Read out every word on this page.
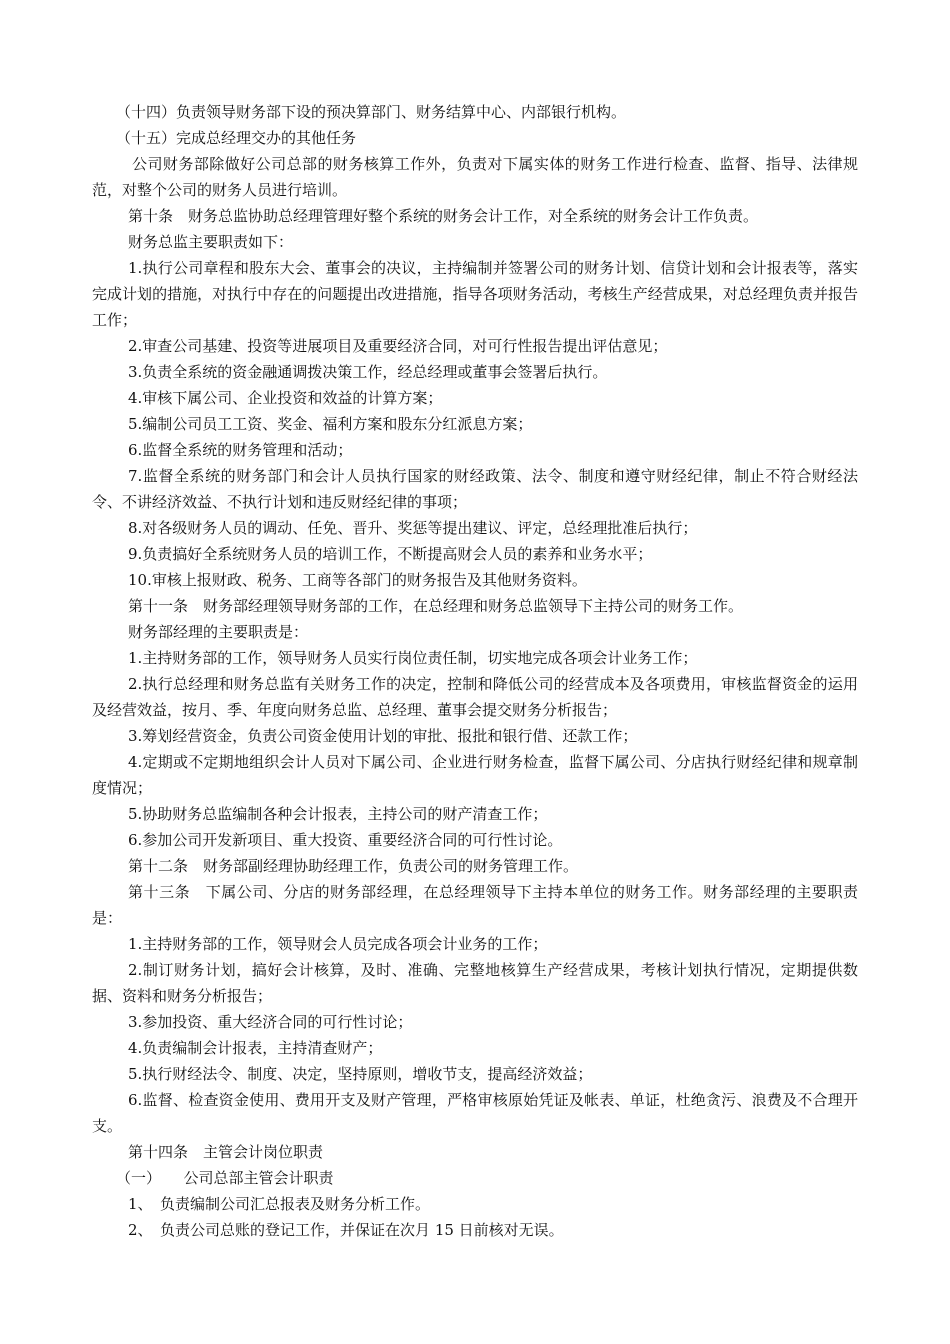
（十四）负责领导财务部下设的预决算部门、财务结算中心、内部银行机构。

（十五）完成总经理交办的其他任务

公司财务部除做好公司总部的财务核算工作外，负责对下属实体的财务工作进行检查、监督、指导、法律规范，对整个公司的财务人员进行培训。

第十条　财务总监协助总经理管理好整个系统的财务会计工作，对全系统的财务会计工作负责。

财务总监主要职责如下：

1.执行公司章程和股东大会、董事会的决议，主持编制并签署公司的财务计划、信贷计划和会计报表等，落实完成计划的措施，对执行中存在的问题提出改进措施，指导各项财务活动，考核生产经营成果，对总经理负责并报告工作；

2.审查公司基建、投资等进展项目及重要经济合同，对可行性报告提出评估意见；

3.负责全系统的资金融通调拨决策工作，经总经理或董事会签署后执行。

4.审核下属公司、企业投资和效益的计算方案；

5.编制公司员工工资、奖金、福利方案和股东分红派息方案；

6.监督全系统的财务管理和活动；

7.监督全系统的财务部门和会计人员执行国家的财经政策、法令、制度和遵守财经纪律，制止不符合财经法令、不讲经济效益、不执行计划和违反财经纪律的事项；

8.对各级财务人员的调动、任免、晋升、奖惩等提出建议、评定，总经理批准后执行；

9.负责搞好全系统财务人员的培训工作，不断提高财会人员的素养和业务水平；

10.审核上报财政、税务、工商等各部门的财务报告及其他财务资料。

第十一条　财务部经理领导财务部的工作，在总经理和财务总监领导下主持公司的财务工作。

财务部经理的主要职责是：

1.主持财务部的工作，领导财务人员实行岗位责任制，切实地完成各项会计业务工作；

2.执行总经理和财务总监有关财务工作的决定，控制和降低公司的经营成本及各项费用，审核监督资金的运用及经营效益，按月、季、年度向财务总监、总经理、董事会提交财务分析报告；

3.筹划经营资金，负责公司资金使用计划的审批、报批和银行借、还款工作；

4.定期或不定期地组织会计人员对下属公司、企业进行财务检查，监督下属公司、分店执行财经纪律和规章制度情况；

5.协助财务总监编制各种会计报表，主持公司的财产清查工作；

6.参加公司开发新项目、重大投资、重要经济合同的可行性讨论。

第十二条　财务部副经理协助经理工作，负责公司的财务管理工作。

第十三条　下属公司、分店的财务部经理，在总经理领导下主持本单位的财务工作。财务部经理的主要职责是：

1.主持财务部的工作，领导财会人员完成各项会计业务的工作；

2.制订财务计划，搞好会计核算，及时、准确、完整地核算生产经营成果，考核计划执行情况，定期提供数据、资料和财务分析报告；

3.参加投资、重大经济合同的可行性讨论；

4.负责编制会计报表，主持清查财产；

5.执行财经法令、制度、决定，坚持原则，增收节支，提高经济效益；

6.监督、检查资金使用、费用开支及财产管理，严格审核原始凭证及帐表、单证，杜绝贪污、浪费及不合理开支。

第十四条　主管会计岗位职责

（一）　　公司总部主管会计职责

1、　负责编制公司汇总报表及财务分析工作。

2、　负责公司总账的登记工作，并保证在次月 15 日前核对无误。
